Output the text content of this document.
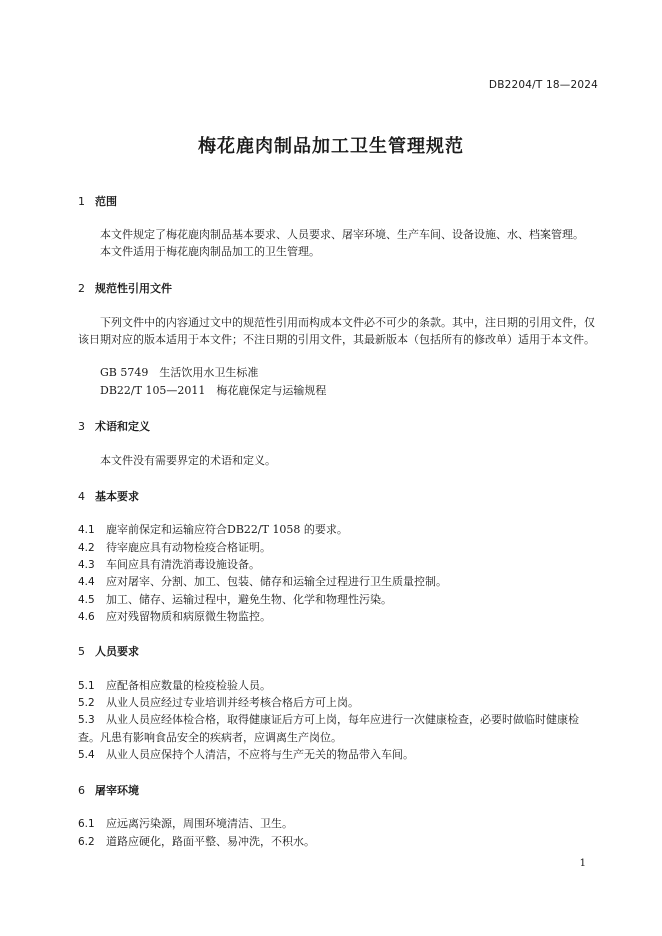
DB2204/T 18—2024
梅花鹿肉制品加工卫生管理规范
1 范围
本文件规定了梅花鹿肉制品基本要求、人员要求、屠宰环境、生产车间、设备设施、水、档案管理。
本文件适用于梅花鹿肉制品加工的卫生管理。
2 规范性引用文件
下列文件中的内容通过文中的规范性引用而构成本文件必不可少的条款。其中，注日期的引用文件，仅该日期对应的版本适用于本文件；不注日期的引用文件，其最新版本（包括所有的修改单）适用于本文件。
GB 5749　生活饮用水卫生标准
DB22/T 105—2011　梅花鹿保定与运输规程
3 术语和定义
本文件没有需要界定的术语和定义。
4 基本要求
4.1 鹿宰前保定和运输应符合DB22/T 1058 的要求。
4.2 待宰鹿应具有动物检疫合格证明。
4.3 车间应具有清洗消毒设施设备。
4.4 应对屠宰、分割、加工、包装、储存和运输全过程进行卫生质量控制。
4.5 加工、储存、运输过程中，避免生物、化学和物理性污染。
4.6 应对残留物质和病原微生物监控。
5 人员要求
5.1 应配备相应数量的检疫检验人员。
5.2 从业人员应经过专业培训并经考核合格后方可上岗。
5.3 从业人员应经体检合格，取得健康证后方可上岗，每年应进行一次健康检查，必要时做临时健康检查。凡患有影响食品安全的疾病者，应调离生产岗位。
5.4 从业人员应保持个人清洁，不应将与生产无关的物品带入车间。
6 屠宰环境
6.1 应远离污染源，周围环境清洁、卫生。
6.2 道路应硬化，路面平整、易冲洗，不积水。
1
